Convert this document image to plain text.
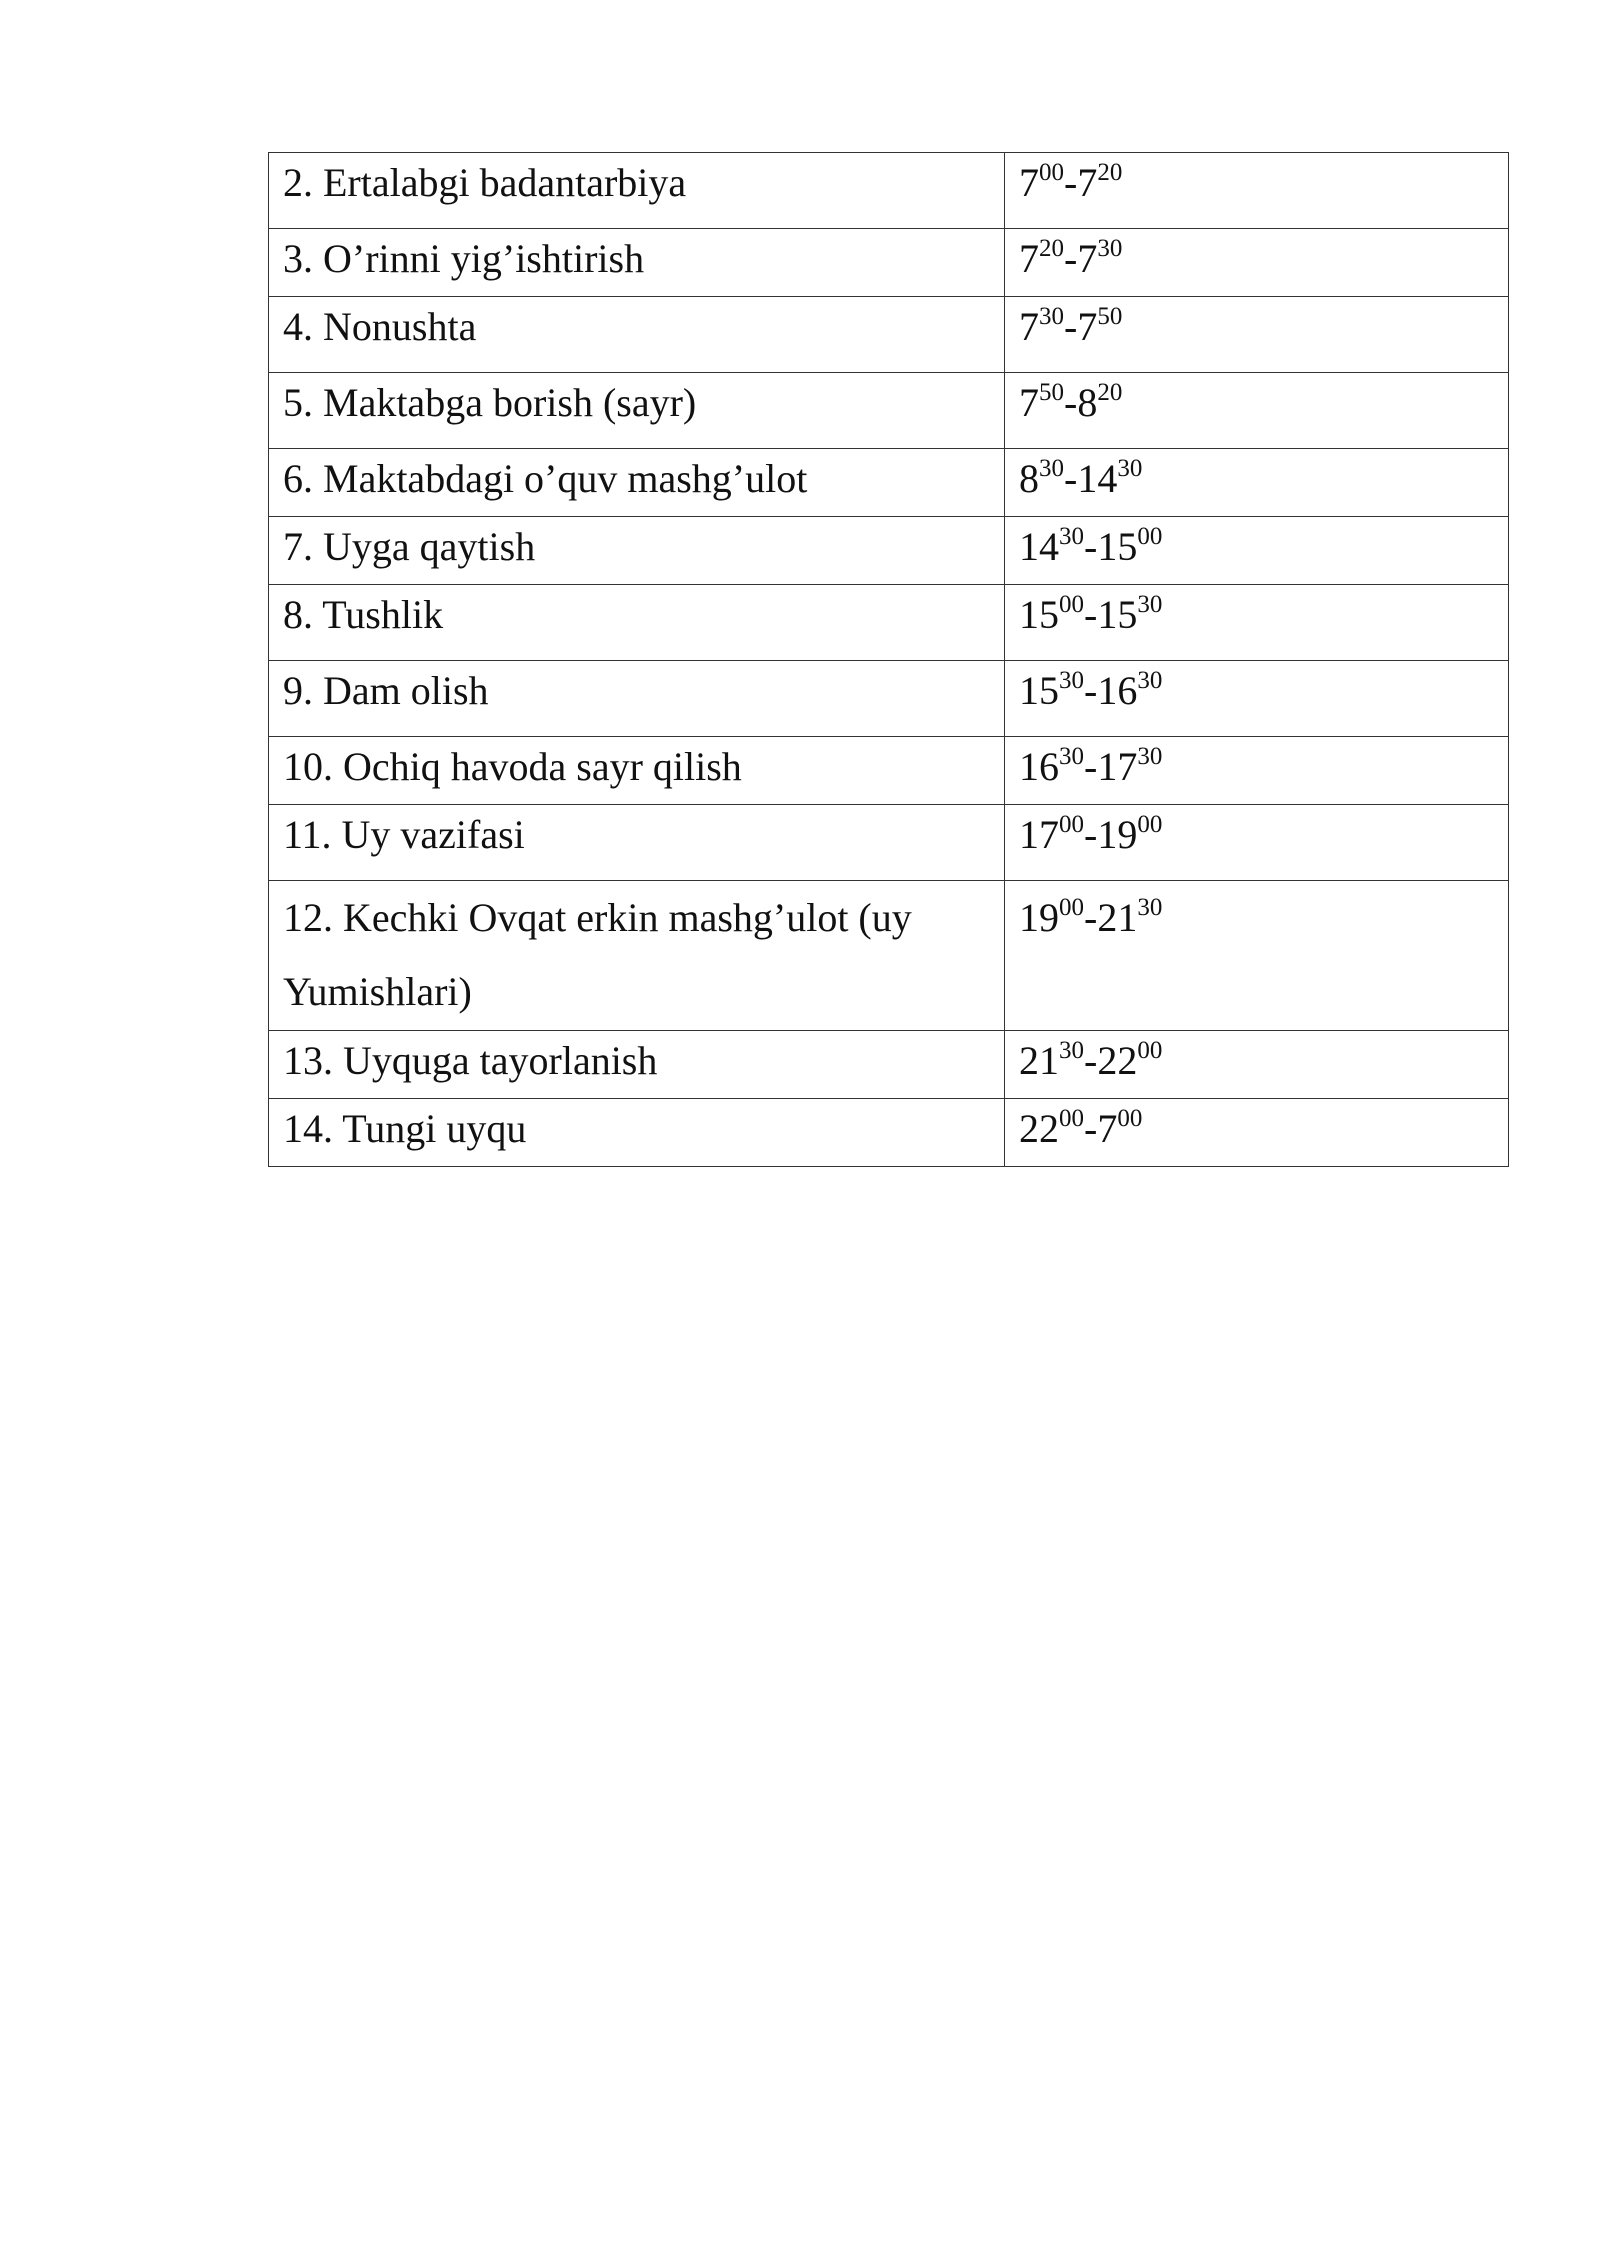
2. Ertalabgi badantarbiya	$7^{00}-7^{20}$
3. O’rinni yig’ishtirish	$7^{20}-7^{30}$
4. Nonushta	$7^{30}-7^{50}$
5. Maktabga borish (sayr)	$7^{50}-8^{20}$
6. Maktabdagi o’quv mashg’ulot	$8^{30}-14^{30}$
7. Uyga qaytish	$14^{30}-15^{00}$
8. Tushlik	$15^{00}-15^{30}$
9. Dam olish	$15^{30}-16^{30}$
10. Ochiq havoda sayr qilish	$16^{30}-17^{30}$
11. Uy vazifasi	$17^{00}-19^{00}$
12. Kechki Ovqat erkin mashg’ulot (uy Yumishlari)	$19^{00}-21^{30}$
13. Uyquga tayorlanish	$21^{30}-22^{00}$
14. Tungi uyqu	$22^{00}-7^{00}$
